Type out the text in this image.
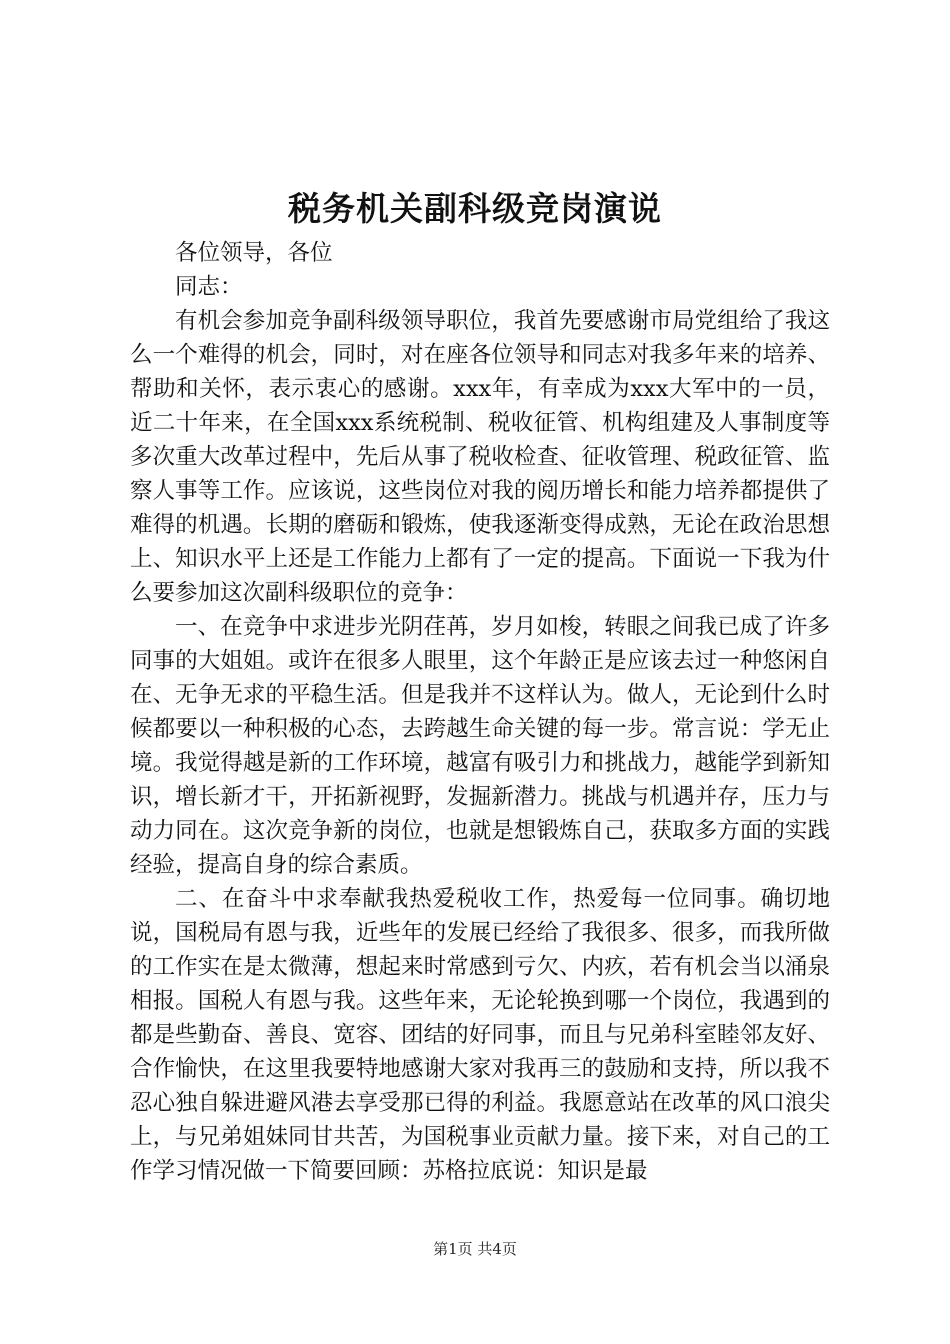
税务机关副科级竞岗演说

各位领导，各位

同志：

有机会参加竞争副科级领导职位，我首先要感谢市局党组给了我这么一个难得的机会，同时，对在座各位领导和同志对我多年来的培养、帮助和关怀，表示衷心的感谢。xxx年，有幸成为xxx大军中的一员，近二十年来，在全国xxx系统税制、税收征管、机构组建及人事制度等多次重大改革过程中，先后从事了税收检查、征收管理、税政征管、监察人事等工作。应该说，这些岗位对我的阅历增长和能力培养都提供了难得的机遇。长期的磨砺和锻炼，使我逐渐变得成熟，无论在政治思想上、知识水平上还是工作能力上都有了一定的提高。下面说一下我为什么要参加这次副科级职位的竞争：

一、在竞争中求进步光阴荏苒，岁月如梭，转眼之间我已成了许多同事的大姐姐。或许在很多人眼里，这个年龄正是应该去过一种悠闲自在、无争无求的平稳生活。但是我并不这样认为。做人，无论到什么时候都要以一种积极的心态，去跨越生命关键的每一步。常言说：学无止境。我觉得越是新的工作环境，越富有吸引力和挑战力，越能学到新知识，增长新才干，开拓新视野，发掘新潜力。挑战与机遇并存，压力与动力同在。这次竞争新的岗位，也就是想锻炼自己，获取多方面的实践经验，提高自身的综合素质。

二、在奋斗中求奉献我热爱税收工作，热爱每一位同事。确切地说，国税局有恩与我，近些年的发展已经给了我很多、很多，而我所做的工作实在是太微薄，想起来时常感到亏欠、内疚，若有机会当以涌泉相报。国税人有恩与我。这些年来，无论轮换到哪一个岗位，我遇到的都是些勤奋、善良、宽容、团结的好同事，而且与兄弟科室睦邻友好、合作愉快，在这里我要特地感谢大家对我再三的鼓励和支持，所以我不忍心独自躲进避风港去享受那已得的利益。我愿意站在改革的风口浪尖上，与兄弟姐妹同甘共苦，为国税事业贡献力量。接下来，对自己的工作学习情况做一下简要回顾：苏格拉底说：知识是最

第1页 共4页
